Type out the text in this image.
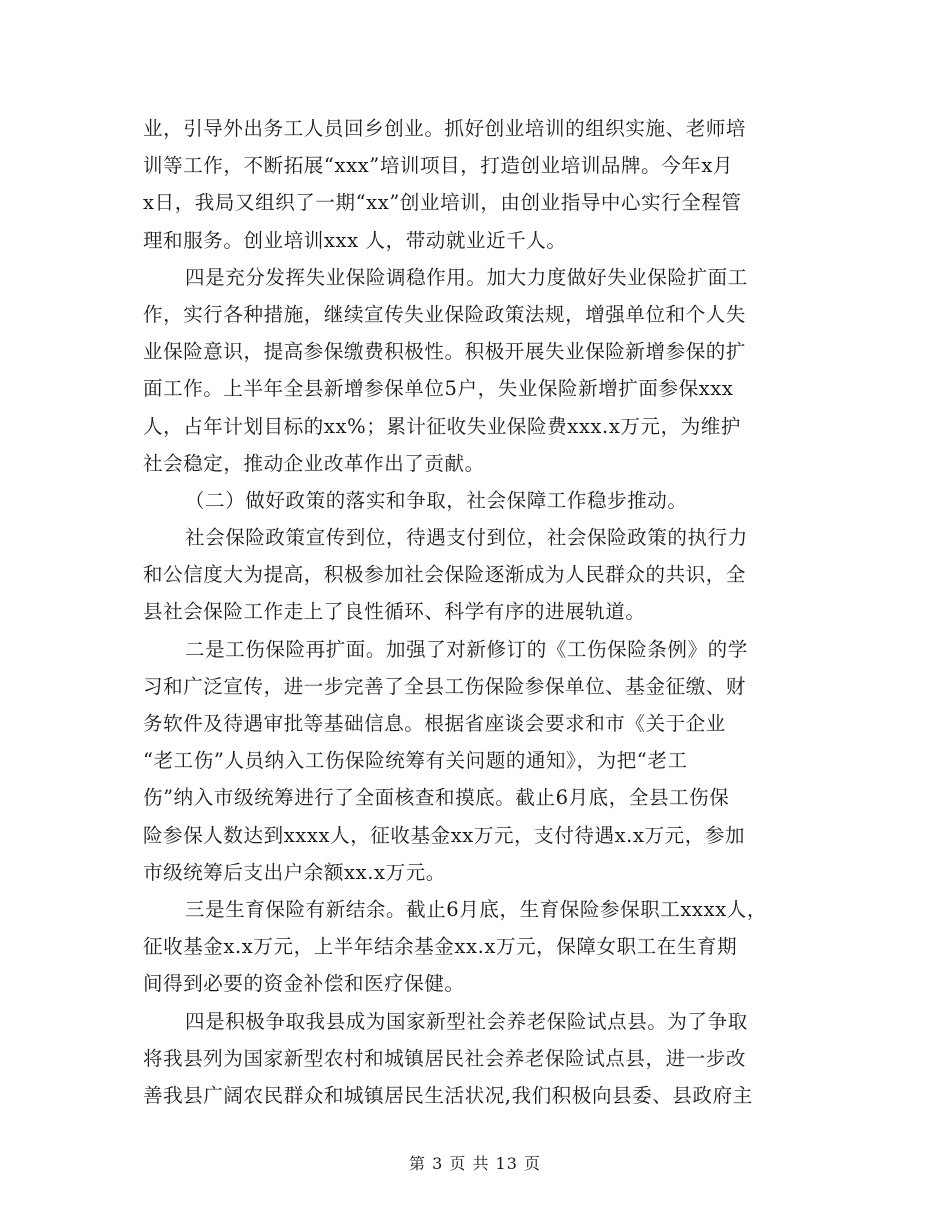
业，引导外出务工人员回乡创业。抓好创业培训的组织实施、老师培
训等工作，不断拓展“xxx”培训项目，打造创业培训品牌。今年x月
x日，我局又组织了一期“xx”创业培训，由创业指导中心实行全程管
理和服务。创业培训xxx 人，带动就业近千人。
四是充分发挥失业保险调稳作用。加大力度做好失业保险扩面工
作，实行各种措施，继续宣传失业保险政策法规，增强单位和个人失
业保险意识，提高参保缴费积极性。积极开展失业保险新增参保的扩
面工作。上半年全县新增参保单位5户，失业保险新增扩面参保xxx
人，占年计划目标的xx%；累计征收失业保险费xxx.x万元，为维护
社会稳定，推动企业改革作出了贡献。
（二）做好政策的落实和争取，社会保障工作稳步推动。
社会保险政策宣传到位，待遇支付到位，社会保险政策的执行力
和公信度大为提高，积极参加社会保险逐渐成为人民群众的共识，全
县社会保险工作走上了良性循环、科学有序的进展轨道。
二是工伤保险再扩面。加强了对新修订的《工伤保险条例》的学
习和广泛宣传，进一步完善了全县工伤保险参保单位、基金征缴、财
务软件及待遇审批等基础信息。根据省座谈会要求和市《关于企业
“老工伤”人员纳入工伤保险统筹有关问题的通知》，为把“老工
伤”纳入市级统筹进行了全面核查和摸底。截止6月底，全县工伤保
险参保人数达到xxxx人，征收基金xx万元，支付待遇x.x万元，参加
市级统筹后支出户余额xx.x万元。
三是生育保险有新结余。截止6月底，生育保险参保职工xxxx人，
征收基金x.x万元，上半年结余基金xx.x万元，保障女职工在生育期
间得到必要的资金补偿和医疗保健。
四是积极争取我县成为国家新型社会养老保险试点县。为了争取
将我县列为国家新型农村和城镇居民社会养老保险试点县，进一步改
善我县广阔农民群众和城镇居民生活状况,我们积极向县委、县政府主
第 3 页 共 13 页
